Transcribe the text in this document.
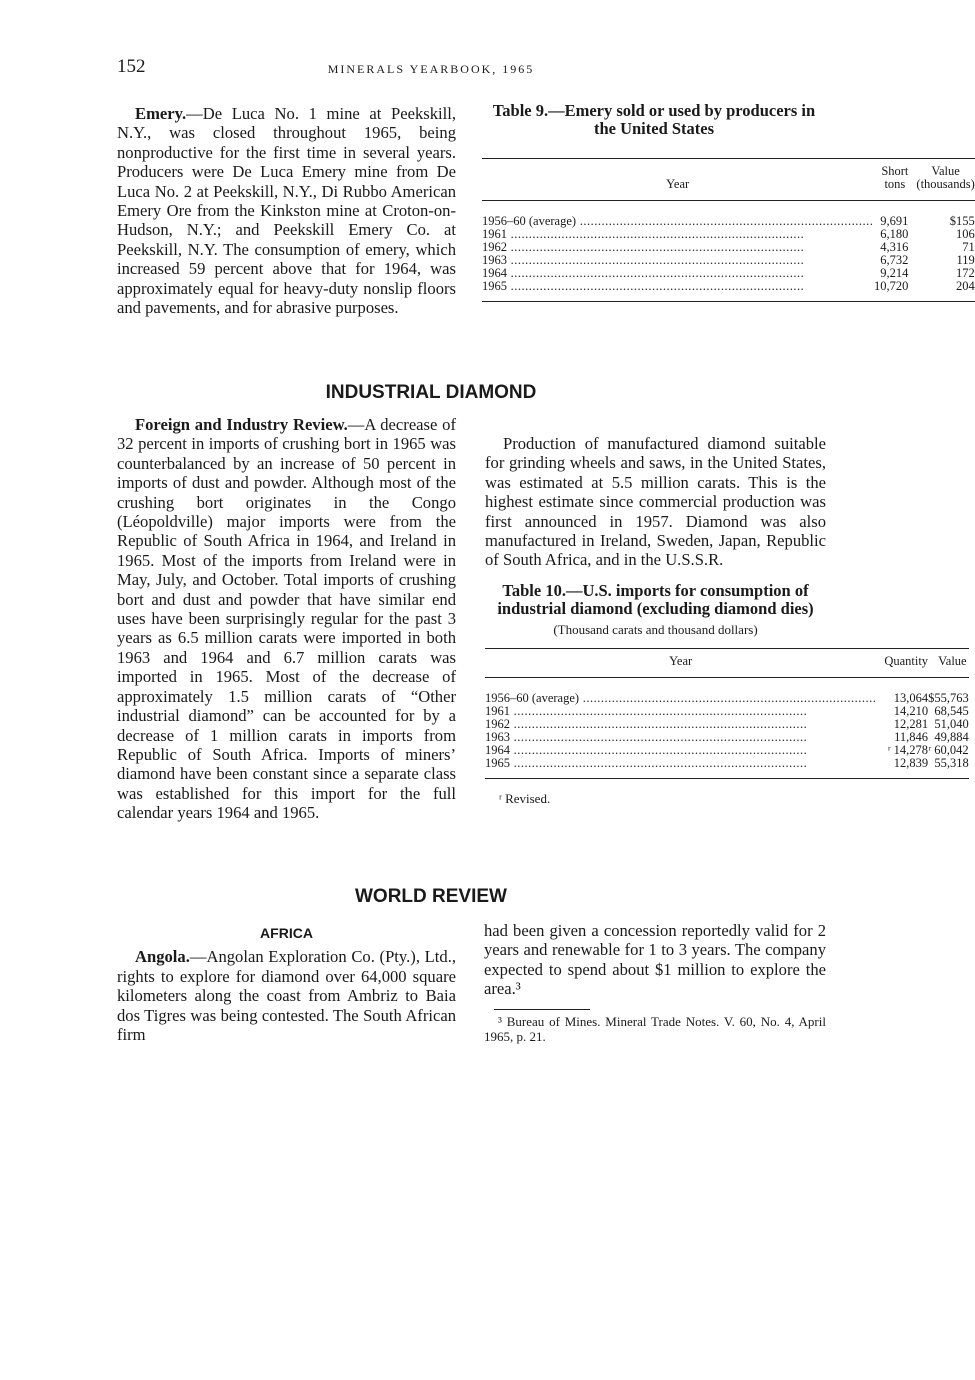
152	MINERALS YEARBOOK, 1965

Emery.—De Luca No. 1 mine at Peekskill, N.Y., was closed throughout 1965, being nonproductive for the first time in several years. Producers were De Luca Emery mine from De Luca No. 2 at Peekskill, N.Y., Di Rubbo American Emery Ore from the Kinkston mine at Croton-on-Hudson, N.Y.; and Peekskill Emery Co. at Peekskill, N.Y. The consumption of emery, which increased 59 percent above that for 1964, was approximately equal for heavy-duty nonslip floors and pavements, and for abrasive purposes.

Table 9.—Emery sold or used by producers in the United States
Year	Short tons	Value (thousands)
1956–60 (average) .....	9,691	$155
1961 .....	6,180	106
1962 .....	4,316	71
1963 .....	6,732	119
1964 .....	9,214	172
1965 .....	10,720	204
INDUSTRIAL DIAMOND

Foreign and Industry Review.—A decrease of 32 percent in imports of crushing bort in 1965 was counterbalanced by an increase of 50 percent in imports of dust and powder. Although most of the crushing bort originates in the Congo (Léopoldville) major imports were from the Republic of South Africa in 1964, and Ireland in 1965. Most of the imports from Ireland were in May, July, and October. Total imports of crushing bort and dust and powder that have similar end uses have been surprisingly regular for the past 3 years as 6.5 million carats were imported in both 1963 and 1964 and 6.7 million carats was imported in 1965. Most of the decrease of approximately 1.5 million carats of “Other industrial diamond” can be accounted for by a decrease of 1 million carats in imports from Republic of South Africa. Imports of miners’ diamond have been constant since a separate class was established for this import for the full calendar years 1964 and 1965.

Production of manufactured diamond suitable for grinding wheels and saws, in the United States, was estimated at 5.5 million carats. This is the highest estimate since commercial production was first announced in 1957. Diamond was also manufactured in Ireland, Sweden, Japan, Republic of South Africa, and in the U.S.S.R.

Table 10.—U.S. imports for consumption of industrial diamond (excluding diamond dies)
(Thousand carats and thousand dollars)
Year	Quantity	Value
1956–60 (average) .....	13,064	$55,763
1961 .....	14,210	68,545
1962 .....	12,281	51,040
1963 .....	11,846	49,884
1964 .....	ʳ 14,278	ʳ 60,042
1965 .....	12,839	55,318
ʳ Revised.
WORLD REVIEW
AFRICA

Angola.—Angolan Exploration Co. (Pty.), Ltd., rights to explore for diamond over 64,000 square kilometers along the coast from Ambriz to Baia dos Tigres was being contested. The South African firm

had been given a concession reportedly valid for 2 years and renewable for 1 to 3 years. The company expected to spend about $1 million to explore the area.³

³ Bureau of Mines. Mineral Trade Notes. V. 60, No. 4, April 1965, p. 21.
